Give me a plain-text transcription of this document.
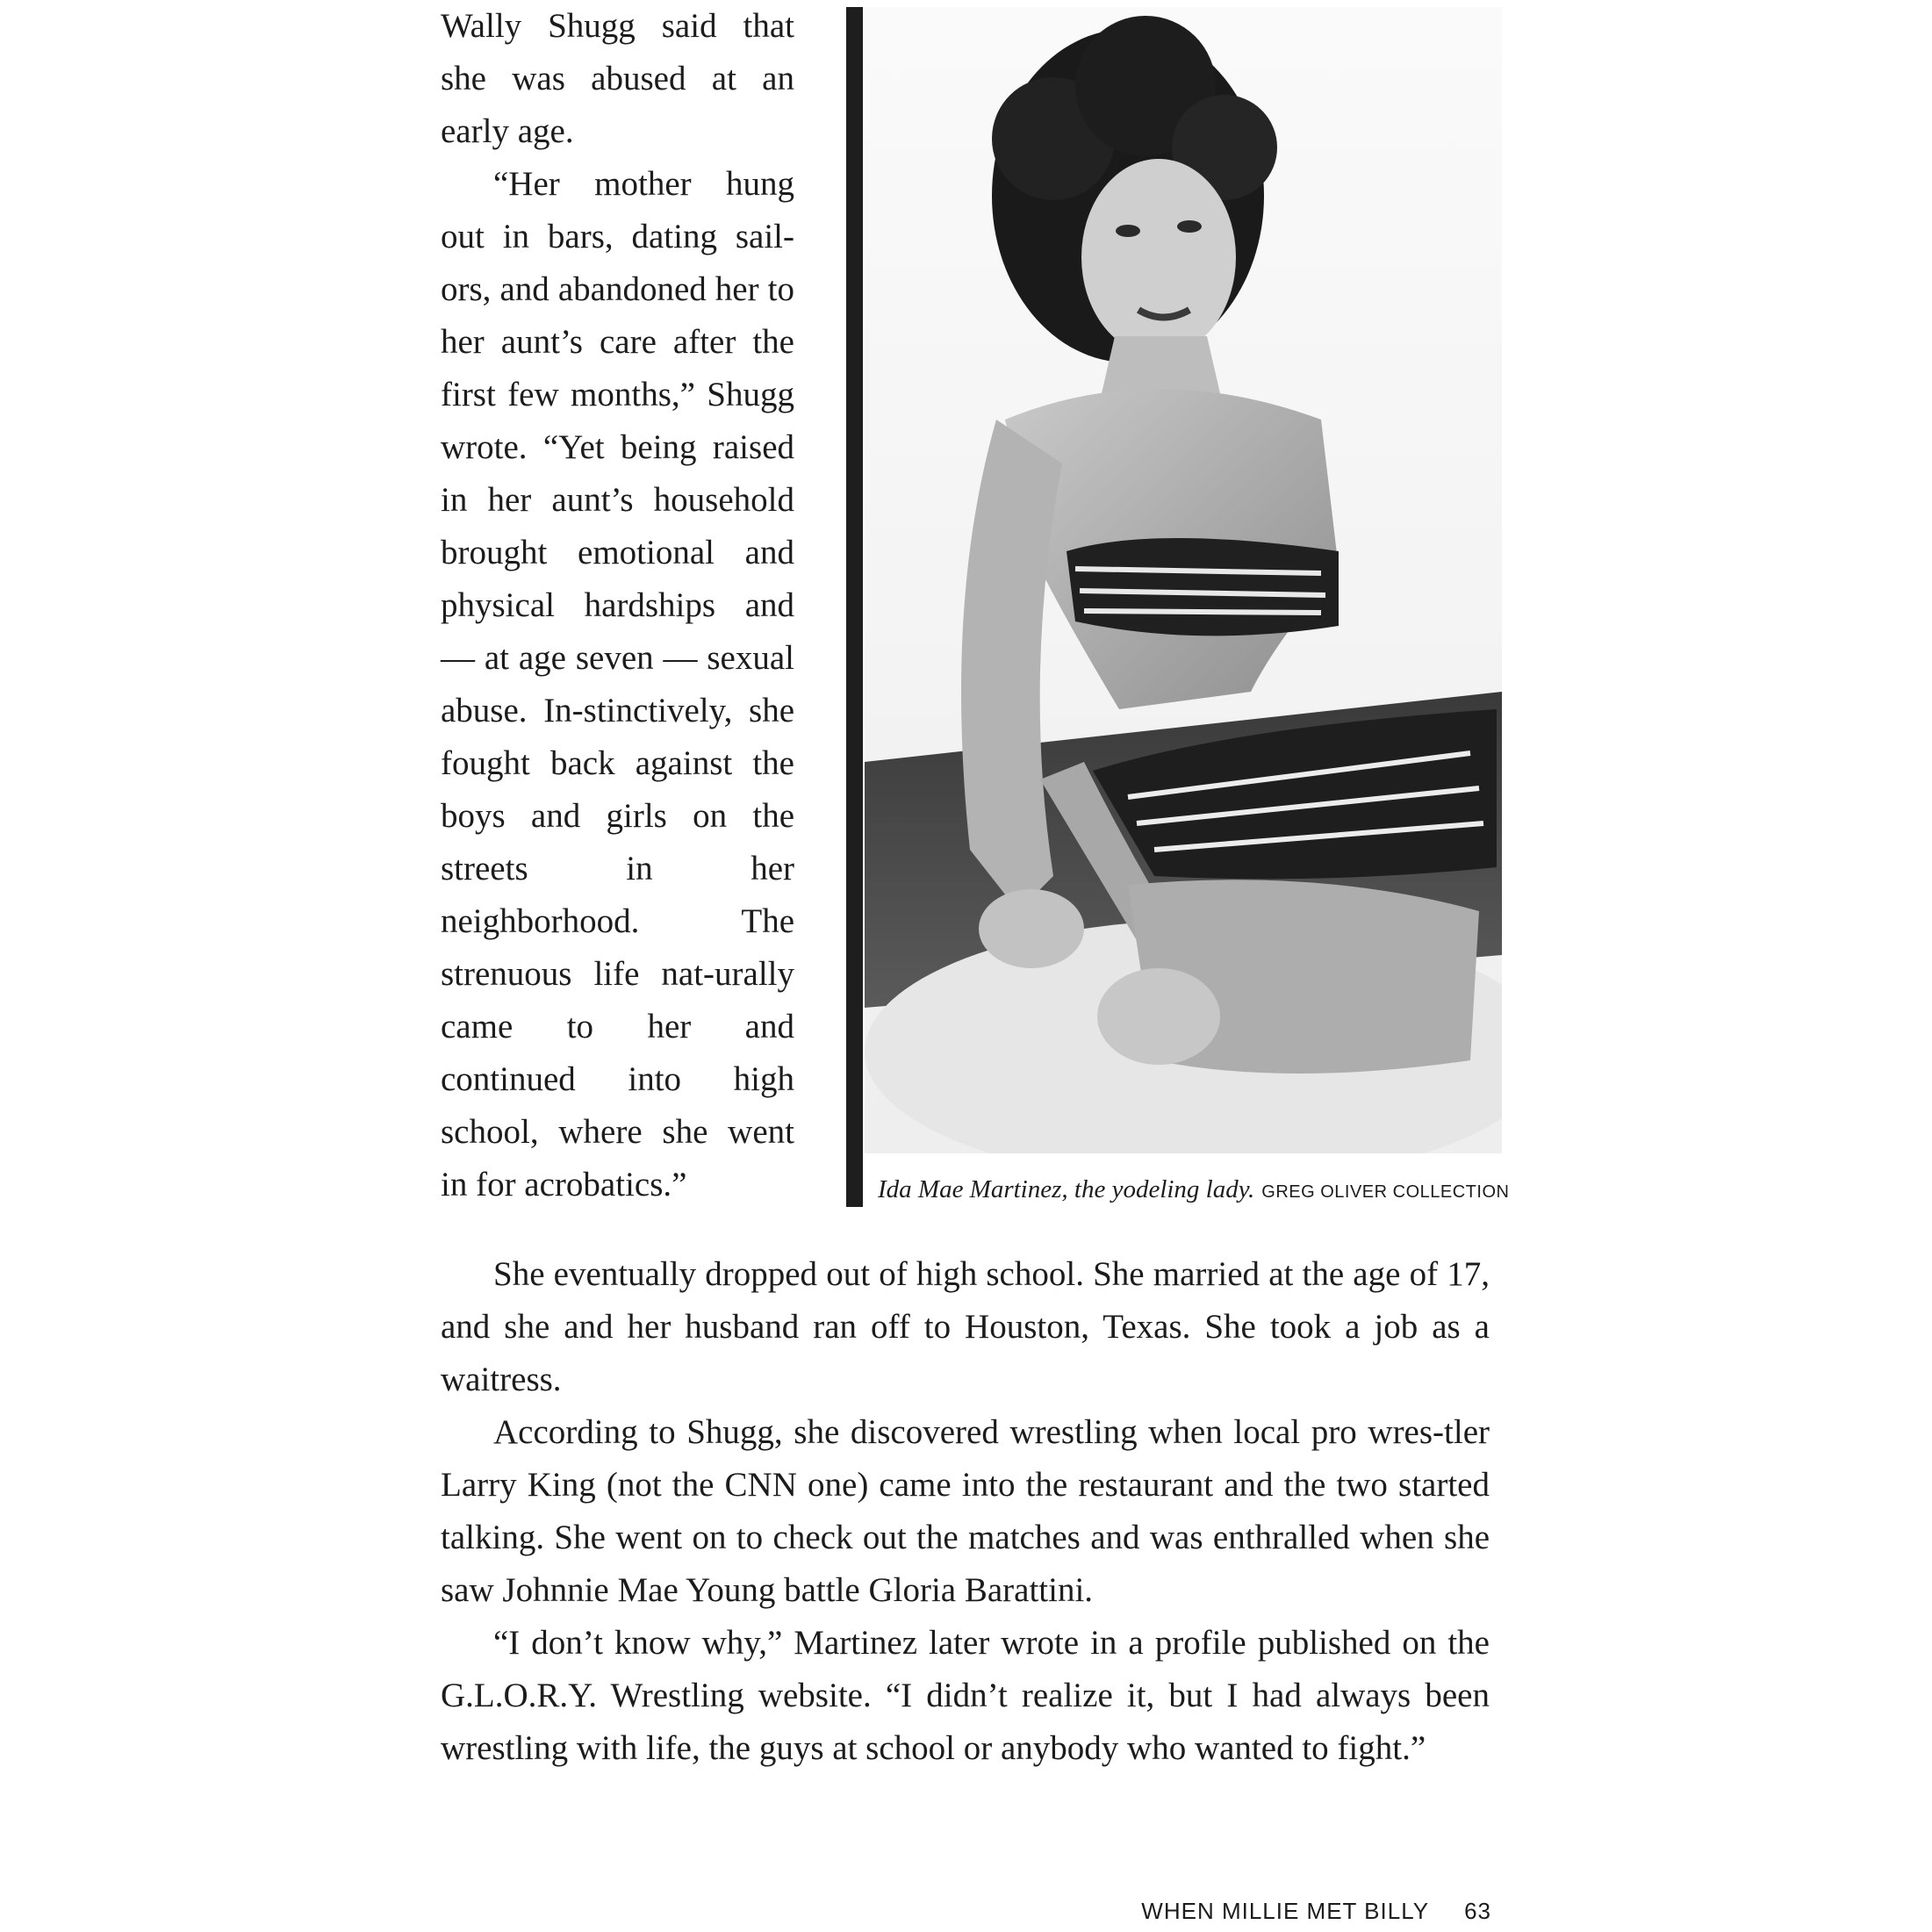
Wally Shugg said that she was abused at an early age.

“Her mother hung out in bars, dating sail-ors, and abandoned her to her aunt’s care after the first few months,” Shugg wrote. “Yet being raised in her aunt’s household brought emotional and physical hardships and — at age seven — sexual abuse. In-stinctively, she fought back against the boys and girls on the streets in her neighborhood. The strenuous life nat-urally came to her and continued into high school, where she went in for acrobatics.”	Ida Mae Martinez, the yodeling lady. GREG OLIVER COLLECTION

She eventually dropped out of high school. She married at the age of 17, and she and her husband ran off to Houston, Texas. She took a job as a waitress.

According to Shugg, she discovered wrestling when local pro wres-tler Larry King (not the CNN one) came into the restaurant and the two started talking. She went on to check out the matches and was enthralled when she saw Johnnie Mae Young battle Gloria Barattini.

“I don’t know why,” Martinez later wrote in a profile published on the G.L.O.R.Y. Wrestling website. “I didn’t realize it, but I had always been wrestling with life, the guys at school or anybody who wanted to fight.”

WHEN MILLIE MET BILLY 63
